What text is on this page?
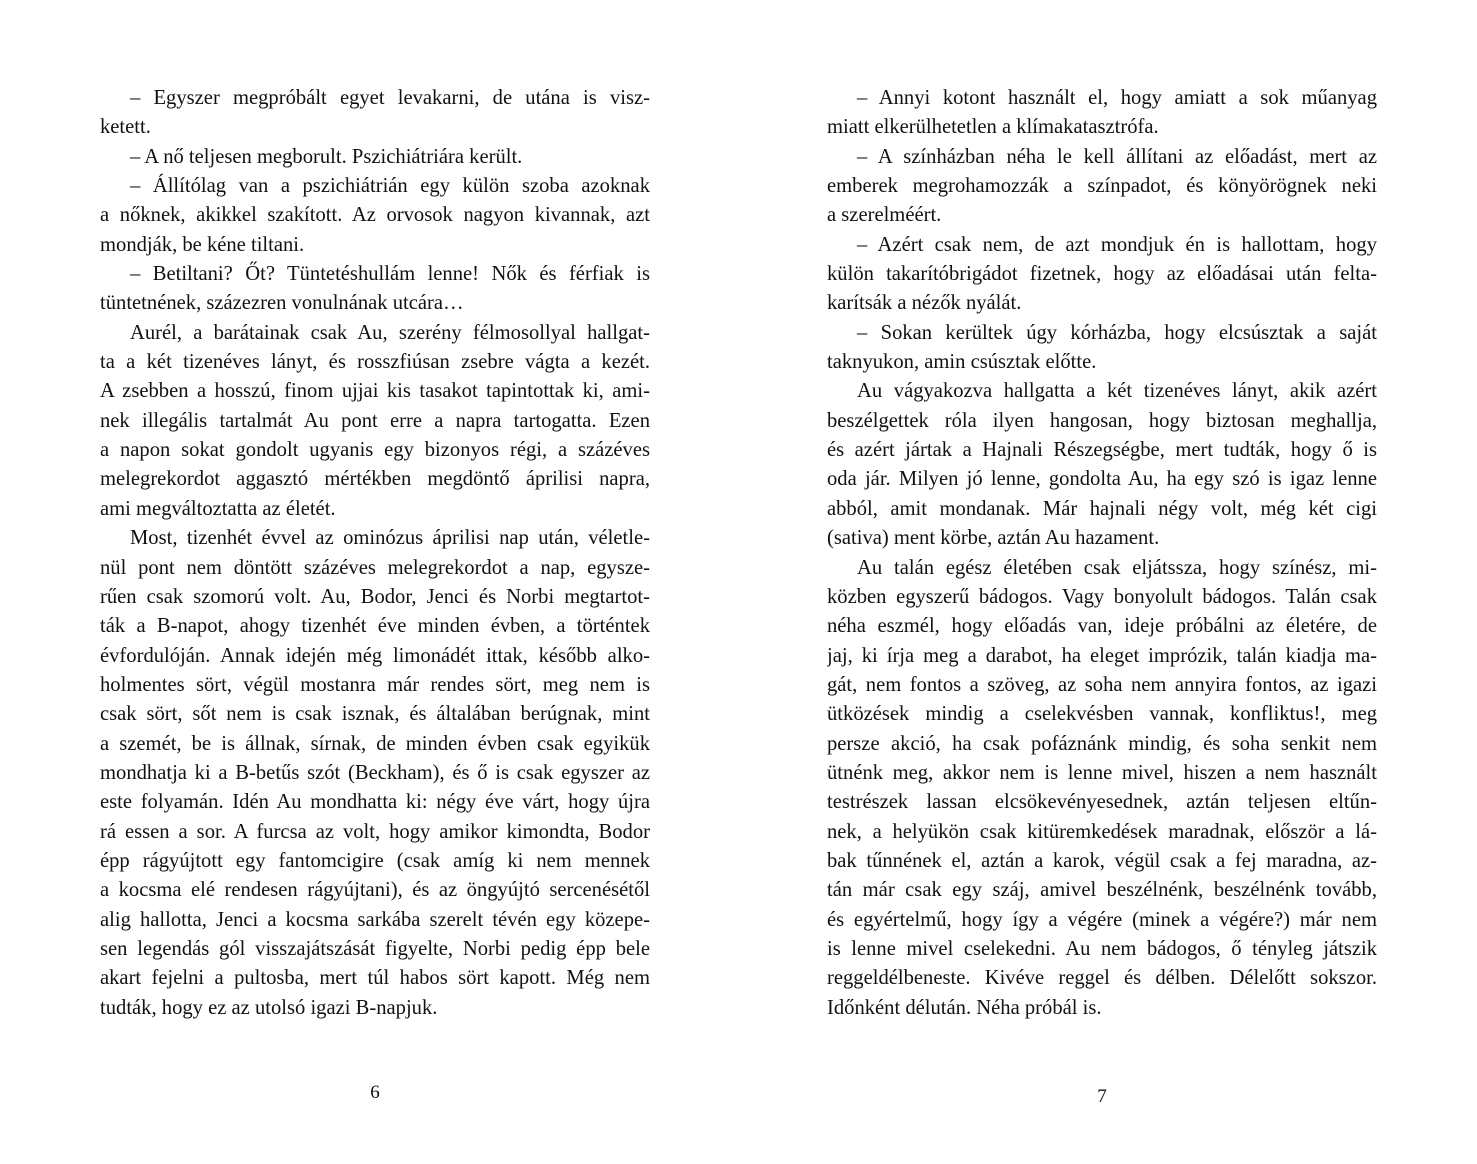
– Egyszer megpróbált egyet levakarni, de utána is visz-
ketett.
– A nő teljesen megborult. Pszichiátriára került.
– Állítólag van a pszichiátrián egy külön szoba azoknak
a nőknek, akikkel szakított. Az orvosok nagyon kivannak, azt
mondják, be kéne tiltani.
– Betiltani? Őt? Tüntetéshullám lenne! Nők és férfiak is
tüntetnének, százezren vonulnának utcára…
Aurél, a barátainak csak Au, szerény félmosollyal hallgat-
ta a két tizenéves lányt, és rosszfiúsan zsebre vágta a kezét.
A zsebben a hosszú, finom ujjai kis tasakot tapintottak ki, ami-
nek illegális tartalmát Au pont erre a napra tartogatta. Ezen
a napon sokat gondolt ugyanis egy bizonyos régi, a százéves
melegrekordot aggasztó mértékben megdöntő áprilisi napra,
ami megváltoztatta az életét.
Most, tizenhét évvel az ominózus áprilisi nap után, véletle-
nül pont nem döntött százéves melegrekordot a nap, egysze-
rűen csak szomorú volt. Au, Bodor, Jenci és Norbi megtartot-
ták a B-napot, ahogy tizenhét éve minden évben, a történtek
évfordulóján. Annak idején még limonádét ittak, később alko-
holmentes sört, végül mostanra már rendes sört, meg nem is
csak sört, sőt nem is csak isznak, és általában berúgnak, mint
a szemét, be is állnak, sírnak, de minden évben csak egyikük
mondhatja ki a B-betűs szót (Beckham), és ő is csak egyszer az
este folyamán. Idén Au mondhatta ki: négy éve várt, hogy újra
rá essen a sor. A furcsa az volt, hogy amikor kimondta, Bodor
épp rágyújtott egy fantomcigire (csak amíg ki nem mennek
a kocsma elé rendesen rágyújtani), és az öngyújtó sercenésétől
alig hallotta, Jenci a kocsma sarkába szerelt tévén egy közepe-
sen legendás gól visszajátszását figyelte, Norbi pedig épp bele
akart fejelni a pultosba, mert túl habos sört kapott. Még nem
tudták, hogy ez az utolsó igazi B-napjuk.
6
– Annyi kotont használt el, hogy amiatt a sok műanyag
miatt elkerülhetetlen a klímakatasztrófa.
– A színházban néha le kell állítani az előadást, mert az
emberek megrohamozzák a színpadot, és könyörögnek neki
a szerelméért.
– Azért csak nem, de azt mondjuk én is hallottam, hogy
külön takarítóbrigádot fizetnek, hogy az előadásai után felta-
karítsák a nézők nyálát.
– Sokan kerültek úgy kórházba, hogy elcsúsztak a saját
taknyukon, amin csúsztak előtte.
Au vágyakozva hallgatta a két tizenéves lányt, akik azért
beszélgettek róla ilyen hangosan, hogy biztosan meghallja,
és azért jártak a Hajnali Részegségbe, mert tudták, hogy ő is
oda jár. Milyen jó lenne, gondolta Au, ha egy szó is igaz lenne
abból, amit mondanak. Már hajnali négy volt, még két cigi
(sativa) ment körbe, aztán Au hazament.
Au talán egész életében csak eljátssza, hogy színész, mi-
közben egyszerű bádogos. Vagy bonyolult bádogos. Talán csak
néha eszmél, hogy előadás van, ideje próbálni az életére, de
jaj, ki írja meg a darabot, ha eleget imprózik, talán kiadja ma-
gát, nem fontos a szöveg, az soha nem annyira fontos, az igazi
ütközések mindig a cselekvésben vannak, konfliktus!, meg
persze akció, ha csak pofáznánk mindig, és soha senkit nem
ütnénk meg, akkor nem is lenne mivel, hiszen a nem használt
testrészek lassan elcsökevényesednek, aztán teljesen eltűn-
nek, a helyükön csak kitüremkedések maradnak, először a lá-
bak tűnnének el, aztán a karok, végül csak a fej maradna, az-
tán már csak egy száj, amivel beszélnénk, beszélnénk tovább,
és egyértelmű, hogy így a végére (minek a végére?) már nem
is lenne mivel cselekedni. Au nem bádogos, ő tényleg játszik
reggeldélbeneste. Kivéve reggel és délben. Délelőtt sokszor.
Időnként délután. Néha próbál is.
7
